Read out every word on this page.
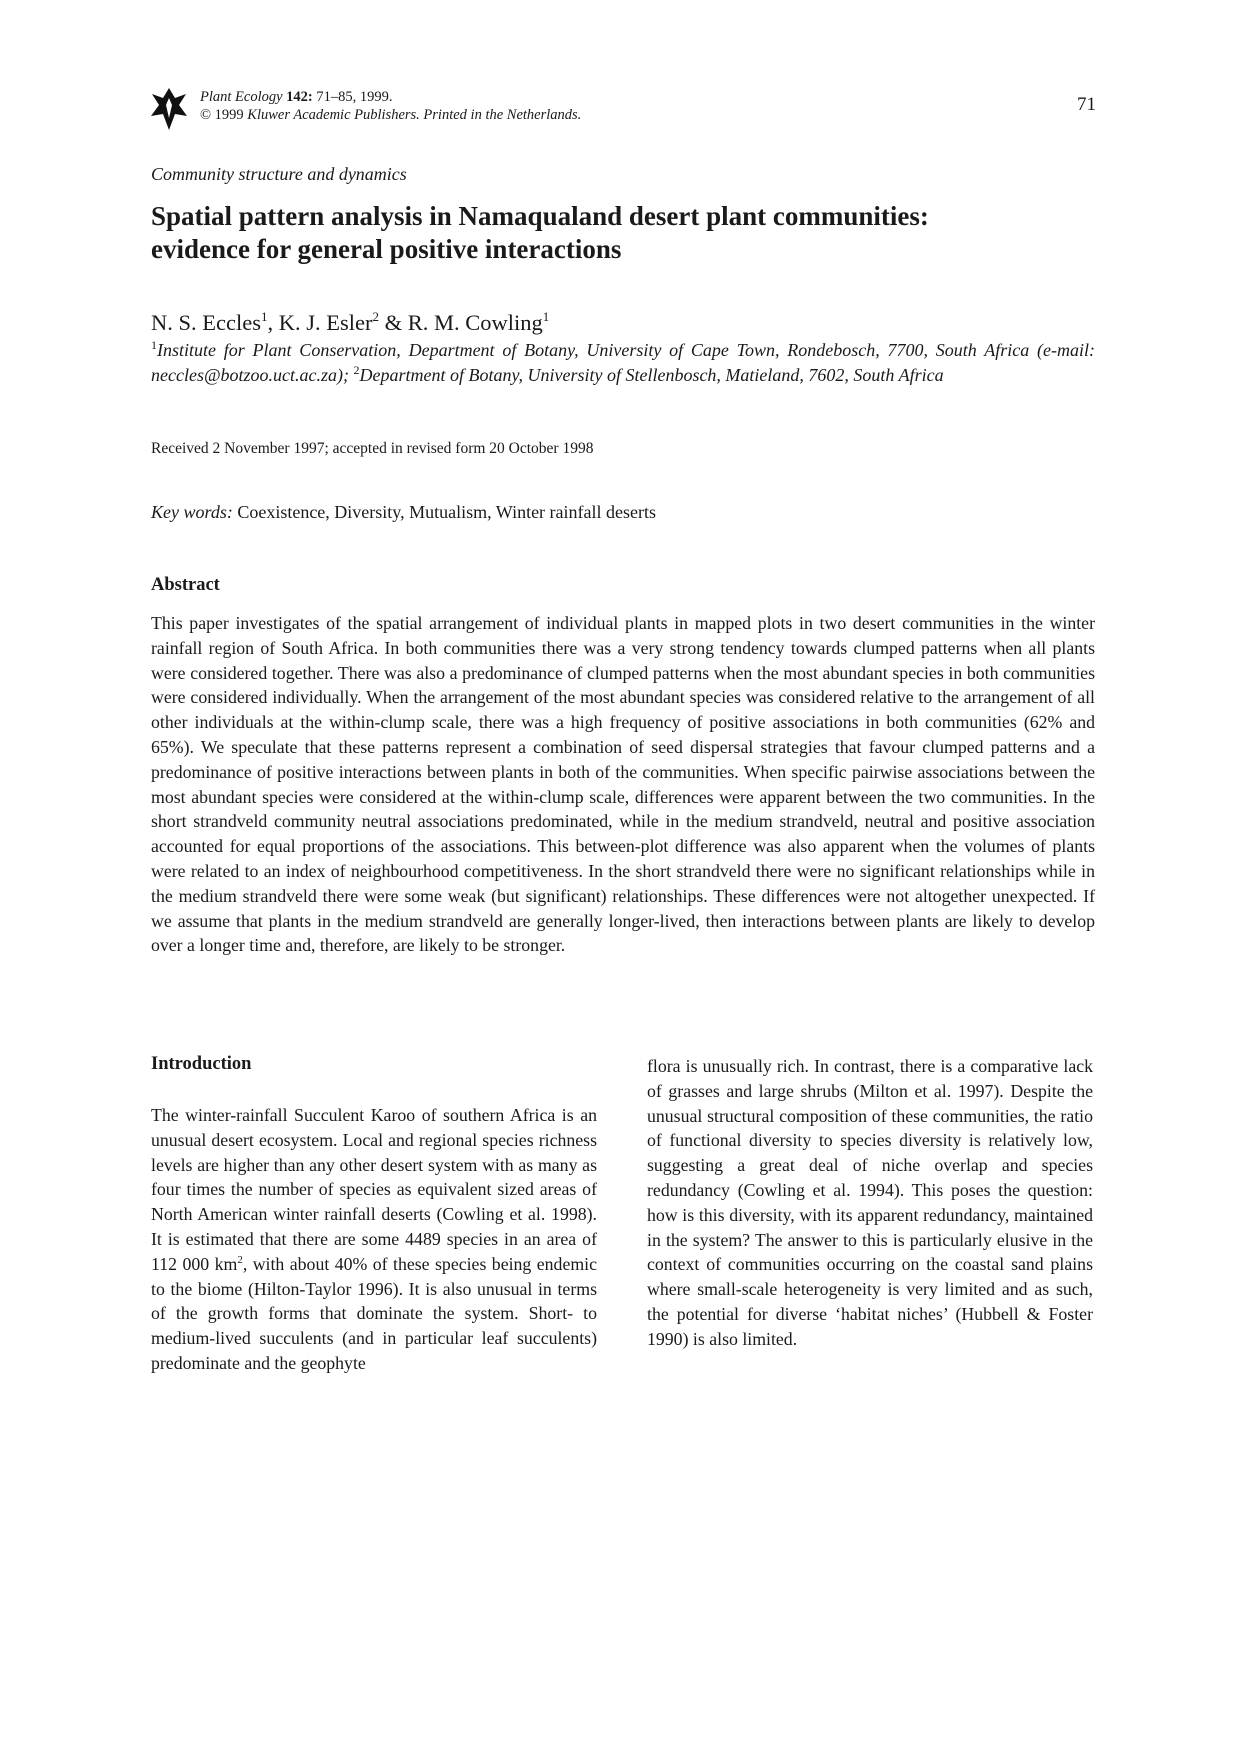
Plant Ecology 142: 71–85, 1999.
© 1999 Kluwer Academic Publishers. Printed in the Netherlands.	71
Community structure and dynamics
Spatial pattern analysis in Namaqualand desert plant communities:
evidence for general positive interactions
N. S. Eccles$^1$, K. J. Esler$^2$ & R. M. Cowling$^1$
$^1$Institute for Plant Conservation, Department of Botany, University of Cape Town, Rondebosch, 7700, South Africa (e-mail: neccles@botzoo.uct.ac.za); $^2$Department of Botany, University of Stellenbosch, Matieland, 7602, South Africa
Received 2 November 1997; accepted in revised form 20 October 1998
Key words: Coexistence, Diversity, Mutualism, Winter rainfall deserts
Abstract

This paper investigates of the spatial arrangement of individual plants in mapped plots in two desert communities in the winter rainfall region of South Africa. In both communities there was a very strong tendency towards clumped patterns when all plants were considered together. There was also a predominance of clumped patterns when the most abundant species in both communities were considered individually. When the arrangement of the most abundant species was considered relative to the arrangement of all other individuals at the within-clump scale, there was a high frequency of positive associations in both communities (62% and 65%). We speculate that these patterns represent a combination of seed dispersal strategies that favour clumped patterns and a predominance of positive interactions between plants in both of the communities. When specific pairwise associations between the most abundant species were considered at the within-clump scale, differences were apparent between the two communities. In the short strandveld community neutral associations predominated, while in the medium strandveld, neutral and positive association accounted for equal proportions of the associations. This between-plot difference was also apparent when the volumes of plants were related to an index of neighbourhood competitiveness. In the short strandveld there were no significant relationships while in the medium strandveld there were some weak (but significant) relationships. These differences were not altogether unexpected. If we assume that plants in the medium strandveld are generally longer-lived, then interactions between plants are likely to develop over a longer time and, therefore, are likely to be stronger.

Introduction

The winter-rainfall Succulent Karoo of southern Africa is an unusual desert ecosystem. Local and regional species richness levels are higher than any other desert system with as many as four times the number of species as equivalent sized areas of North American winter rainfall deserts (Cowling et al. 1998). It is estimated that there are some 4489 species in an area of 112 000 $km^2$, with about 40% of these species being endemic to the biome (Hilton-Taylor 1996). It is also unusual in terms of the growth forms that dominate the system. Short- to medium-lived succulents (and in particular leaf succulents) predominate and the geophyte

flora is unusually rich. In contrast, there is a comparative lack of grasses and large shrubs (Milton et al. 1997). Despite the unusual structural composition of these communities, the ratio of functional diversity to species diversity is relatively low, suggesting a great deal of niche overlap and species redundancy (Cowling et al. 1994). This poses the question: how is this diversity, with its apparent redundancy, maintained in the system? The answer to this is particularly elusive in the context of communities occurring on the coastal sand plains where small-scale heterogeneity is very limited and as such, the potential for diverse ‘habitat niches’ (Hubbell & Foster 1990) is also limited.
